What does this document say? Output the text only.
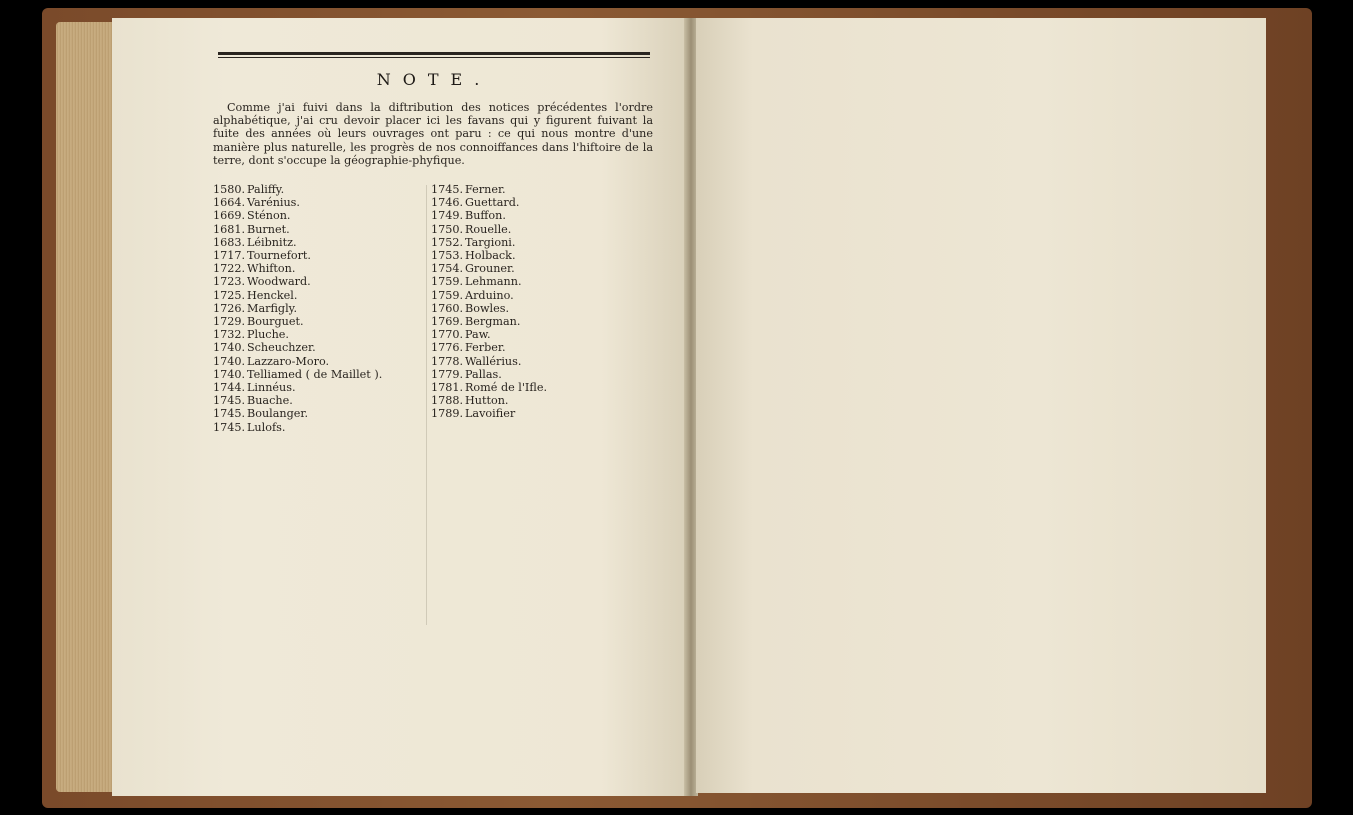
NOTE.

Comme j'ai fuivi dans la diftribution des notices précédentes l'ordre alphabétique, j'ai cru devoir placer ici les favans qui y figurent fuivant la fuite des années où leurs ouvrages ont paru : ce qui nous montre d'une manière plus naturelle, les progrès de nos connoiffances dans l'hiftoire de la terre, dont s'occupe la géographie-phyfique.

1580. Paliffy.
1664. Varénius.
1669. Sténon.
1681. Burnet.
1683. Léibnitz.
1717. Tournefort.
1722. Whifton.
1723. Woodward.
1725. Henckel.
1726. Marfigly.
1729. Bourguet.
1732. Pluche.
1740. Scheuchzer.
1740. Lazzaro-Moro.
1740. Telliamed ( de Maillet ).
1744. Linnéus.
1745. Buache.
1745. Boulanger.
1745. Lulofs.
1745. Ferner.
1746. Guettard.
1749. Buffon.
1750. Rouelle.
1752. Targioni.
1753. Holback.
1754. Grouner.
1759. Lehmann.
1759. Arduino.
1760. Bowles.
1769. Bergman.
1770. Paw.
1776. Ferber.
1778. Wallérius.
1779. Pallas.
1781. Romé de l'Ifle.
1788. Hutton.
1789. Lavoifier
